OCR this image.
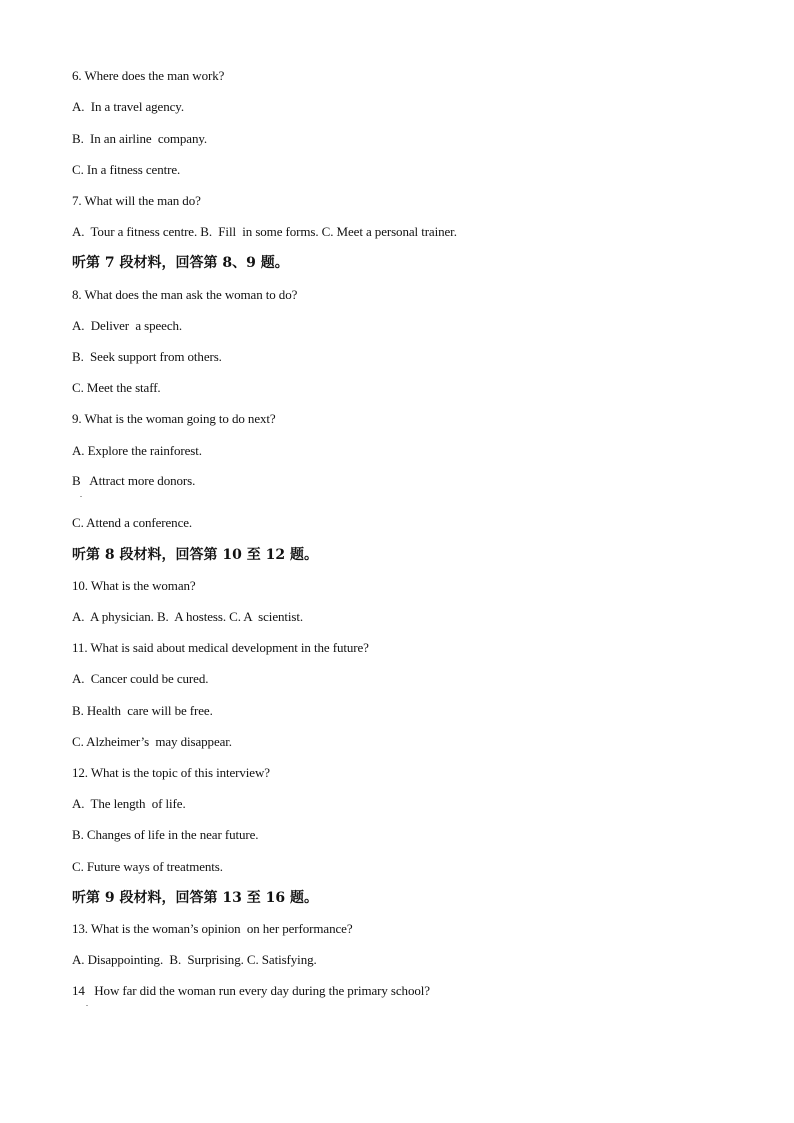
6. Where does the man work?
A.  In a travel agency.
B.  In an airline  company.
C. In a fitness centre.
7. What will the man do?
A.  Tour a fitness centre. B.  Fill  in some forms. C. Meet a personal trainer.
听第 7 段材料，回答第 8、9 题。
8. What does the man ask the woman to do?
A.  Deliver  a speech.
B.  Seek support from others.
C. Meet the staff.
9. What is the woman going to do next?
A. Explore the rainforest.
B   Attract more donors.
.
C. Attend a conference.
听第 8 段材料，回答第 10 至 12 题。
10. What is the woman?
A.  A physician. B.  A hostess. C. A  scientist.
11. What is said about medical development in the future?
A.  Cancer could be cured.
B. Health  care will be free.
C. Alzheimer’s  may disappear.
12. What is the topic of this interview?
A.  The length  of life.
B. Changes of life in the near future.
C. Future ways of treatments.
听第 9 段材料，回答第 13 至 16 题。
13. What is the woman’s opinion  on her performance?
A. Disappointing.  B.  Surprising. C. Satisfying.
14   How far did the woman run every day during the primary school?
.
